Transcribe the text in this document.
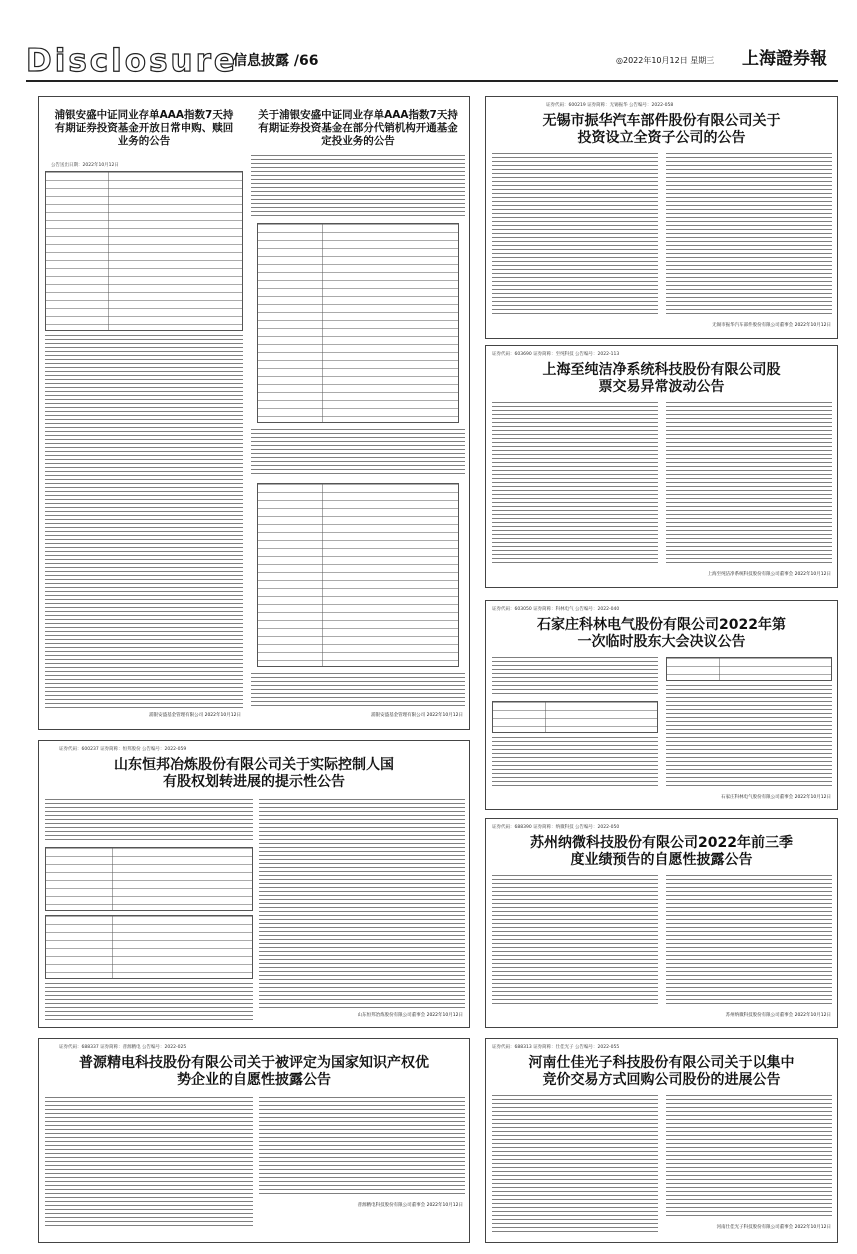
Disclosure
信息披露 /66	◎2022年10月12日 星期三 上海證券報
浦银安盛中证同业存单AAA指数7天持有期证券投资基金开放日常申购、赎回业务的公告
公告送出日期：2022年10月12日
浦银安盛基金管理有限公司 2022年10月12日
关于浦银安盛中证同业存单AAA指数7天持有期证券投资基金在部分代销机构开通基金定投业务的公告
浦银安盛基金管理有限公司 2022年10月12日
证券代码：600219 证券简称：无锡振华 公告编号：2022-058
无锡市振华汽车部件股份有限公司关于投资设立全资子公司的公告
无锡市振华汽车部件股份有限公司董事会 2022年10月12日
证券代码：603690 证券简称：至纯科技 公告编号：2022-113
上海至纯洁净系统科技股份有限公司股票交易异常波动公告
上海至纯洁净系统科技股份有限公司董事会 2022年10月12日
证券代码：603050 证券简称：科林电气 公告编号：2022-040
石家庄科林电气股份有限公司2022年第一次临时股东大会决议公告
石家庄科林电气股份有限公司董事会 2022年10月12日
证券代码：600237 证券简称：恒邦股份 公告编号：2022-059
山东恒邦冶炼股份有限公司关于实际控制人国有股权划转进展的提示性公告
山东恒邦冶炼股份有限公司董事会 2022年10月12日
证券代码：688390 证券简称：纳微科技 公告编号：2022-050
苏州纳微科技股份有限公司2022年前三季度业绩预告的自愿性披露公告
苏州纳微科技股份有限公司董事会 2022年10月12日
证券代码：688337 证券简称：普源精电 公告编号：2022-025
普源精电科技股份有限公司关于被评定为国家知识产权优势企业的自愿性披露公告
普源精电科技股份有限公司董事会 2022年10月12日
证券代码：688313 证券简称：仕佳光子 公告编号：2022-055
河南仕佳光子科技股份有限公司关于以集中竞价交易方式回购公司股份的进展公告
河南仕佳光子科技股份有限公司董事会 2022年10月12日
